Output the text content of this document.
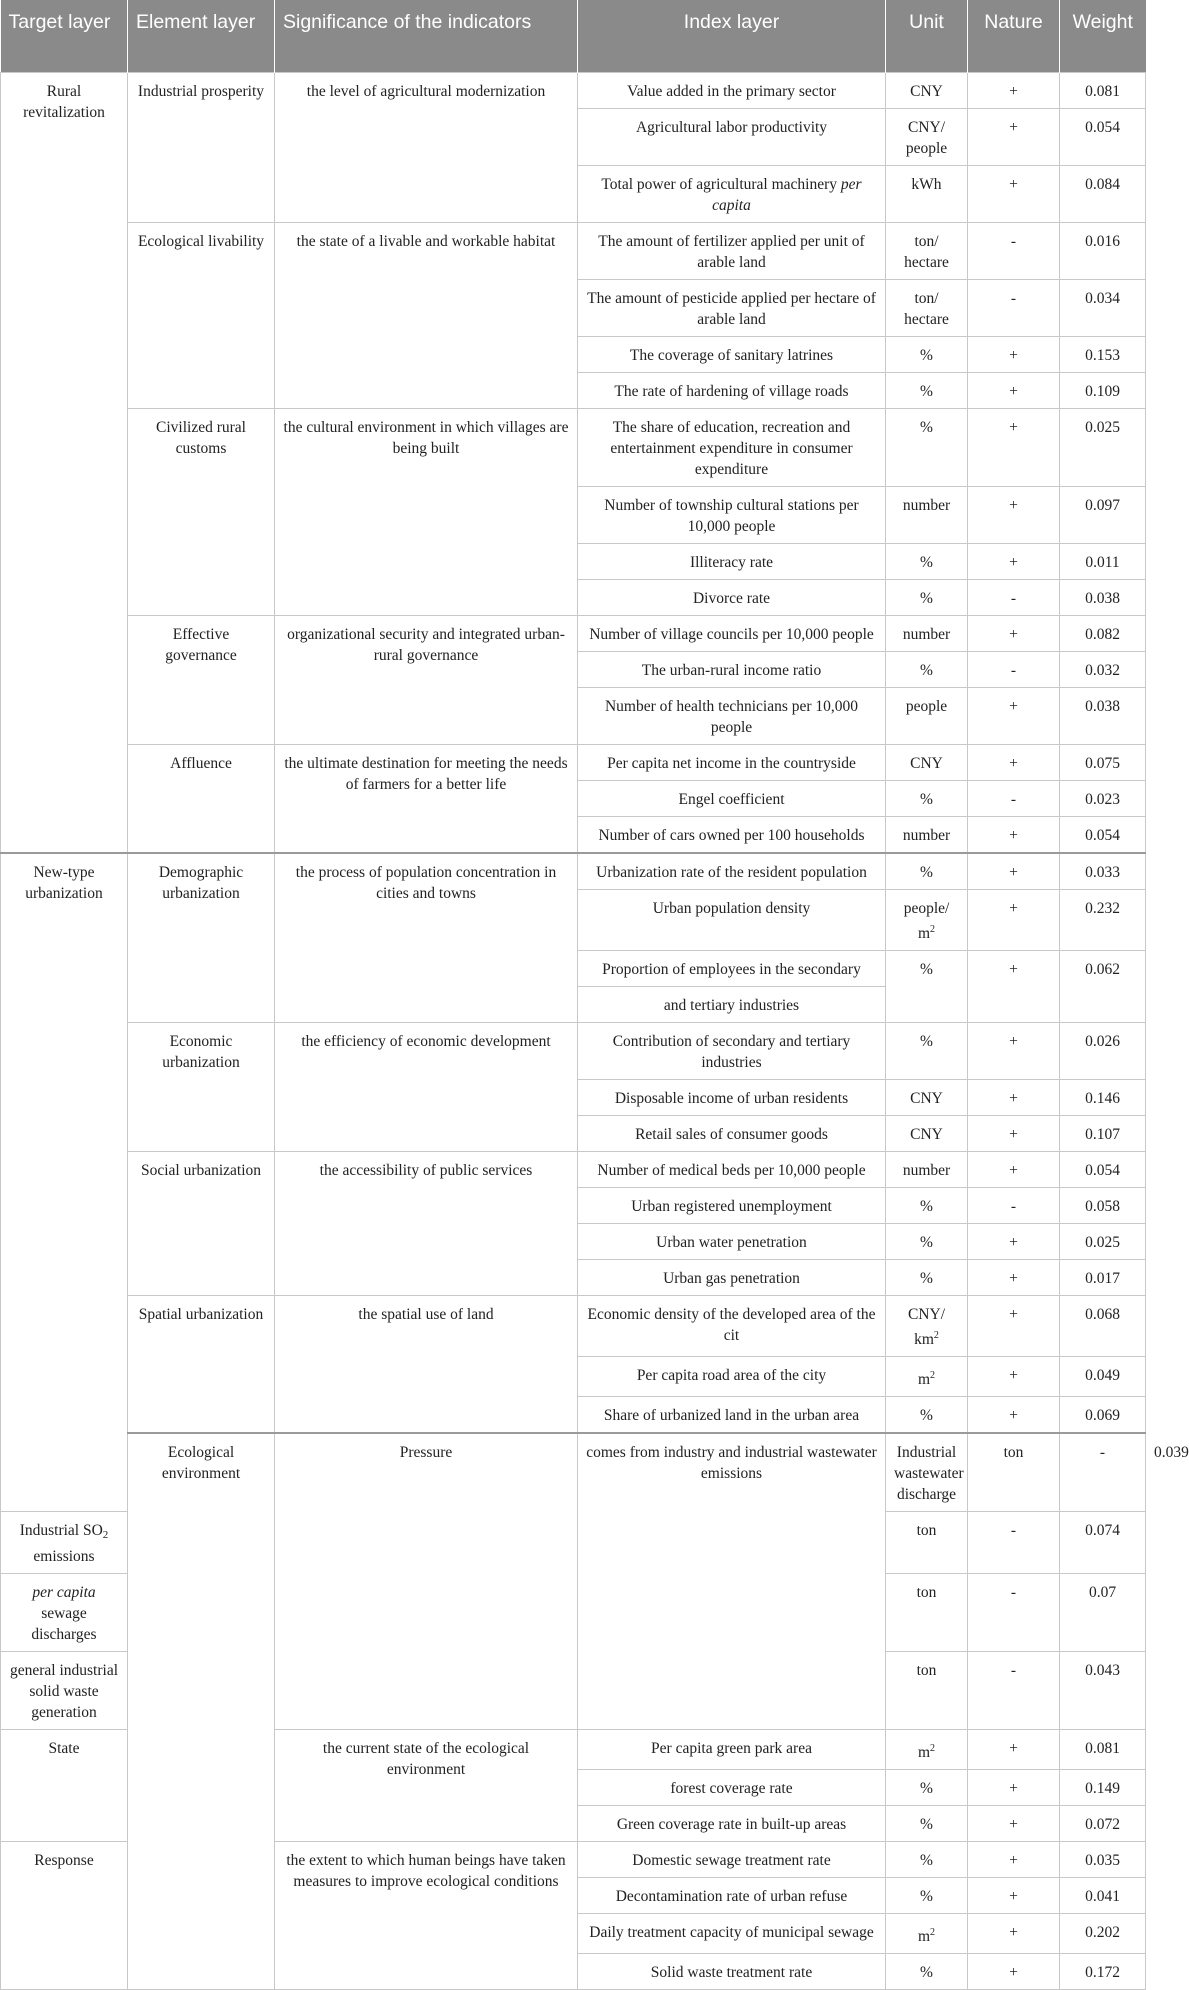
Target layer	Element layer	Significance of the indicators	Index layer	Unit	Nature	Weight	
Rural revitalization	Industrial prosperity	the level of agricultural modernization	Value added in the primary sector	CNY	+	0.081	
			Agricultural labor productivity	CNY/ people	+	0.054	
			Total power of agricultural machinery per capita	kWh	+	0.084	
	Ecological livability	the state of a livable and workable habitat	The amount of fertilizer applied per unit of arable land	ton/ hectare	-	0.016	
			The amount of pesticide applied per hectare of arable land	ton/ hectare	-	0.034	
			The coverage of sanitary latrines	%	+	0.153	
			The rate of hardening of village roads	%	+	0.109	
	Civilized rural customs	the cultural environment in which villages are being built	The share of education, recreation and entertainment expenditure in consumer expenditure	%	+	0.025	
			Number of township cultural stations per 10,000 people	number	+	0.097	
			Illiteracy rate	%	+	0.011	
			Divorce rate	%	-	0.038	
	Effective governance	organizational security and integrated urban-rural governance	Number of village councils per 10,000 people	number	+	0.082	
			The urban-rural income ratio	%	-	0.032	
			Number of health technicians per 10,000 people	people	+	0.038	
	Affluence	the ultimate destination for meeting the needs of farmers for a better life	Per capita net income in the countryside	CNY	+	0.075	
			Engel coefficient	%	-	0.023	
			Number of cars owned per 100 households	number	+	0.054	
New-type urbanization	Demographic urbanization	the process of population concentration in cities and towns	Urbanization rate of the resident population	%	+	0.033	
			Urban population density	people/ $m^2$	+	0.232	
			Proportion of employees in the secondary	%	+	0.062	
			and tertiary industries				
	Economic urbanization	the efficiency of economic development	Contribution of secondary and tertiary industries	%	+	0.026	
			Disposable income of urban residents	CNY	+	0.146	
			Retail sales of consumer goods	CNY	+	0.107	
	Social urbanization	the accessibility of public services	Number of medical beds per 10,000 people	number	+	0.054	
			Urban registered unemployment	%	-	0.058	
			Urban water penetration	%	+	0.025	
			Urban gas penetration	%	+	0.017	
	Spatial urbanization	the spatial use of land	Economic density of the developed area of the cit	CNY/ $km^2$	+	0.068	
			Per capita road area of the city	$m^2$	+	0.049	
			Share of urbanized land in the urban area	%	+	0.069	
	Ecological environment	Pressure	comes from industry and industrial wastewater emissions	Industrial wastewater discharge	ton	-	0.039
Industrial $SO_2$ emissions				ton	-	0.074	
per capita sewage discharges				ton	-	0.07	
general industrial solid waste generation				ton	-	0.043	
State		the current state of the ecological environment	Per capita green park area	$m^2$	+	0.081	
			forest coverage rate	%	+	0.149	
			Green coverage rate in built-up areas	%	+	0.072	
Response		the extent to which human beings have taken measures to improve ecological conditions	Domestic sewage treatment rate	%	+	0.035	
			Decontamination rate of urban refuse	%	+	0.041	
			Daily treatment capacity of municipal sewage	$m^2$	+	0.202	
			Solid waste treatment rate	%	+	0.172	
